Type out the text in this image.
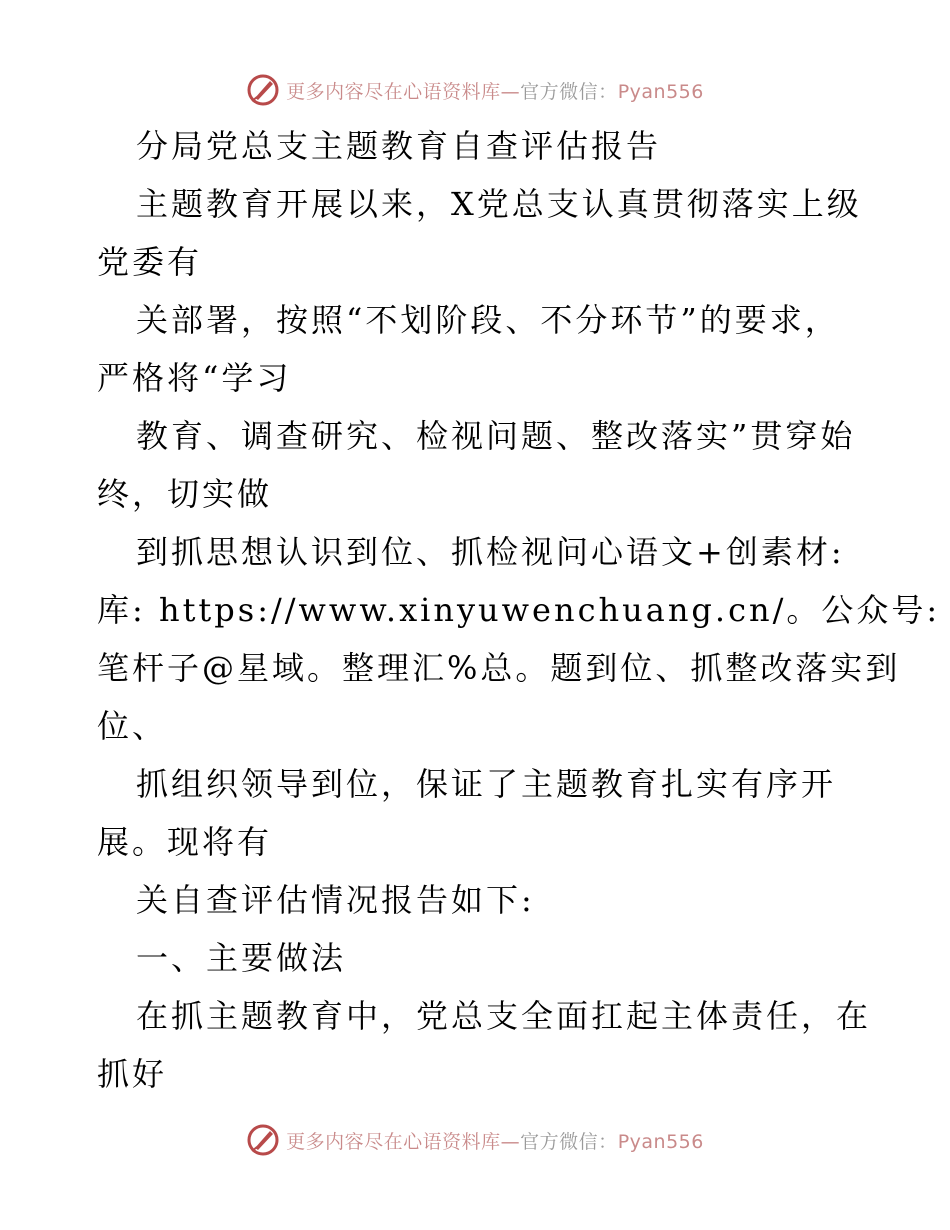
更多内容尽在心语资料库—官方微信：Pyan556
分局党总支主题教育自查评估报告
主题教育开展以来，X党总支认真贯彻落实上级
党委有
关部署，按照“不划阶段、不分环节”的要求，
严格将“学习
教育、调查研究、检视问题、整改落实”贯穿始
终，切实做
到抓思想认识到位、抓检视问心语文+创素材:
库: https://www.xinyuwenchuang.cn/。公众号:
笔杆子@星域。整理汇%总。题到位、抓整改落实到
位、
抓组织领导到位，保证了主题教育扎实有序开
展。现将有
关自查评估情况报告如下:
一、主要做法
在抓主题教育中，党总支全面扛起主体责任，在
抓好
更多内容尽在心语资料库—官方微信：Pyan556
